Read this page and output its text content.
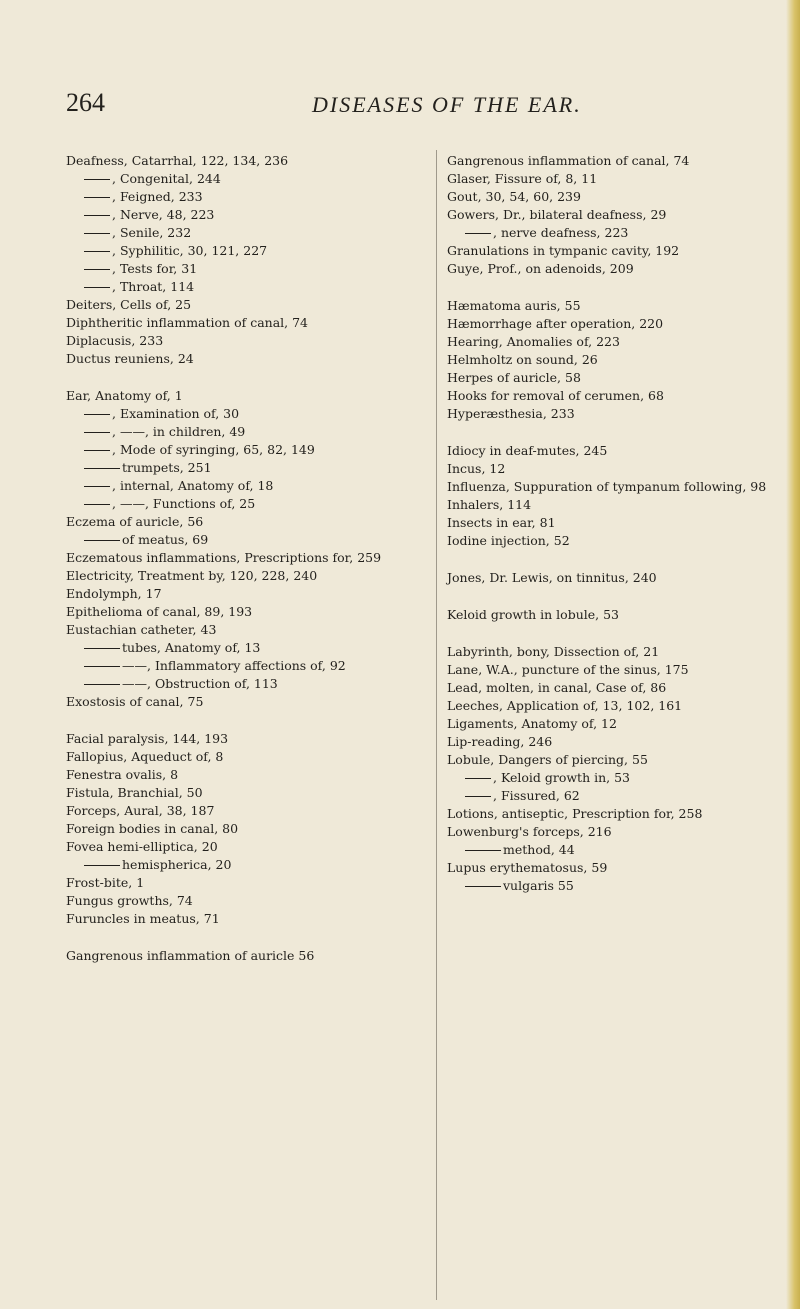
264	DISEASES OF THE EAR.
Deafness, Catarrhal, 122, 134, 236
, Congenital, 244
, Feigned, 233
, Nerve, 48, 223
, Senile, 232
, Syphilitic, 30, 121, 227
, Tests for, 31
, Throat, 114
Deiters, Cells of, 25
Diphtheritic inflammation of canal, 74
Diplacusis, 233
Ductus reuniens, 24
Ear, Anatomy of, 1
, Examination of, 30
, ——, in children, 49
, Mode of syringing, 65, 82, 149
trumpets, 251
, internal, Anatomy of, 18
, ——, Functions of, 25
Eczema of auricle, 56
of meatus, 69
Eczematous inflammations, Prescriptions for, 259
Electricity, Treatment by, 120, 228, 240
Endolymph, 17
Epithelioma of canal, 89, 193
Eustachian catheter, 43
tubes, Anatomy of, 13
——, Inflammatory affections of, 92
——, Obstruction of, 113
Exostosis of canal, 75
Facial paralysis, 144, 193
Fallopius, Aqueduct of, 8
Fenestra ovalis, 8
Fistula, Branchial, 50
Forceps, Aural, 38, 187
Foreign bodies in canal, 80
Fovea hemi-elliptica, 20
hemispherica, 20
Frost-bite, 1
Fungus growths, 74
Furuncles in meatus, 71
Gangrenous inflammation of auricle 56
Gangrenous inflammation of canal, 74
Glaser, Fissure of, 8, 11
Gout, 30, 54, 60, 239
Gowers, Dr., bilateral deafness, 29
, nerve deafness, 223
Granulations in tympanic cavity, 192
Guye, Prof., on adenoids, 209
Hæmatoma auris, 55
Hæmorrhage after operation, 220
Hearing, Anomalies of, 223
Helmholtz on sound, 26
Herpes of auricle, 58
Hooks for removal of cerumen, 68
Hyperæsthesia, 233
Idiocy in deaf-mutes, 245
Incus, 12
Influenza, Suppuration of tympanum following, 98
Inhalers, 114
Insects in ear, 81
Iodine injection, 52
Jones, Dr. Lewis, on tinnitus, 240
Keloid growth in lobule, 53
Labyrinth, bony, Dissection of, 21
Lane, W.A., puncture of the sinus, 175
Lead, molten, in canal, Case of, 86
Leeches, Application of, 13, 102, 161
Ligaments, Anatomy of, 12
Lip-reading, 246
Lobule, Dangers of piercing, 55
, Keloid growth in, 53
, Fissured, 62
Lotions, antiseptic, Prescription for, 258
Lowenburg's forceps, 216
method, 44
Lupus erythematosus, 59
vulgaris 55
